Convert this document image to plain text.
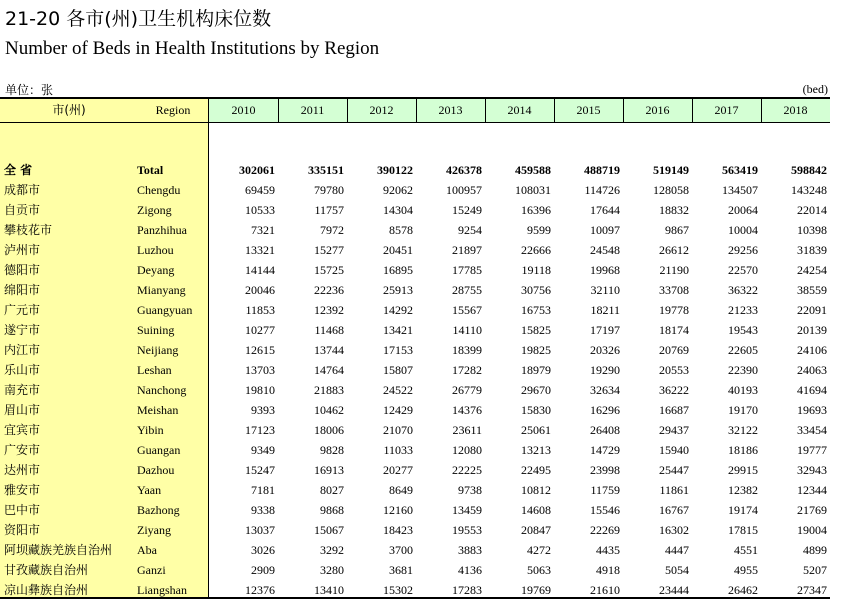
21-20 各市(州)卫生机构床位数
Number of Beds in Health Institutions by Region
单位：张	(bed)
市(州)	Region	2010	2011	2012	2013	2014	2015	2016	2017	2018
全 省	Total	302061	335151	390122	426378	459588	488719	519149	563419	598842
成都市	Chengdu	69459	79780	92062	100957	108031	114726	128058	134507	143248
自贡市	Zigong	10533	11757	14304	15249	16396	17644	18832	20064	22014
攀枝花市	Panzhihua	7321	7972	8578	9254	9599	10097	9867	10004	10398
泸州市	Luzhou	13321	15277	20451	21897	22666	24548	26612	29256	31839
德阳市	Deyang	14144	15725	16895	17785	19118	19968	21190	22570	24254
绵阳市	Mianyang	20046	22236	25913	28755	30756	32110	33708	36322	38559
广元市	Guangyuan	11853	12392	14292	15567	16753	18211	19778	21233	22091
遂宁市	Suining	10277	11468	13421	14110	15825	17197	18174	19543	20139
内江市	Neijiang	12615	13744	17153	18399	19825	20326	20769	22605	24106
乐山市	Leshan	13703	14764	15807	17282	18979	19290	20553	22390	24063
南充市	Nanchong	19810	21883	24522	26779	29670	32634	36222	40193	41694
眉山市	Meishan	9393	10462	12429	14376	15830	16296	16687	19170	19693
宜宾市	Yibin	17123	18006	21070	23611	25061	26408	29437	32122	33454
广安市	Guangan	9349	9828	11033	12080	13213	14729	15940	18186	19777
达州市	Dazhou	15247	16913	20277	22225	22495	23998	25447	29915	32943
雅安市	Yaan	7181	8027	8649	9738	10812	11759	11861	12382	12344
巴中市	Bazhong	9338	9868	12160	13459	14608	15546	16767	19174	21769
资阳市	Ziyang	13037	15067	18423	19553	20847	22269	16302	17815	19004
阿坝藏族羌族自治州	Aba	3026	3292	3700	3883	4272	4435	4447	4551	4899
甘孜藏族自治州	Ganzi	2909	3280	3681	4136	5063	4918	5054	4955	5207
凉山彝族自治州	Liangshan	12376	13410	15302	17283	19769	21610	23444	26462	27347
